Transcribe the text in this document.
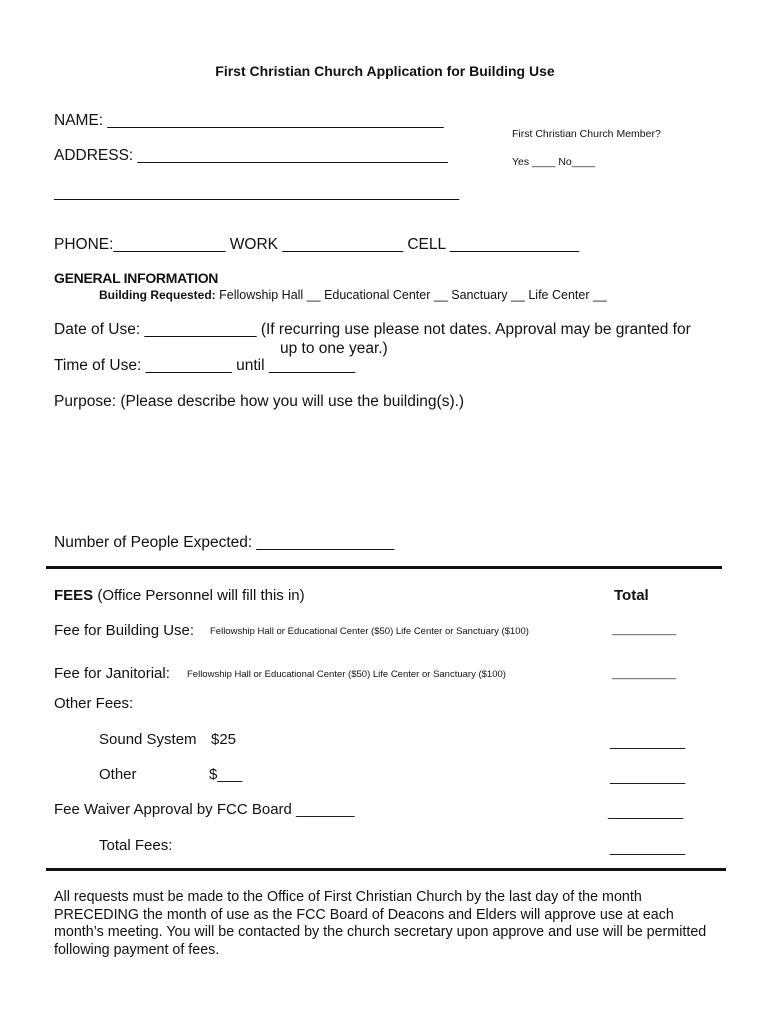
First Christian Church Application for Building Use
NAME: _______________________________________
First Christian Church Member?
ADDRESS: ____________________________________	Yes ____ No____
_______________________________________________
PHONE:_____________ WORK ______________ CELL _______________
GENERAL INFORMATION
Building Requested: Fellowship Hall __ Educational Center __ Sanctuary __ Life Center __
Date of Use: _____________ (If recurring use please not dates. Approval may be granted for
up to one year.)
Time of Use: __________ until __________
Purpose: (Please describe how you will use the building(s).)
Number of People Expected: ________________
FEES (Office Personnel will fill this in)	Total
Fee for Building Use: Fellowship Hall or Educational Center ($50) Life Center or Sanctuary ($100)	___________
Fee for Janitorial: Fellowship Hall or Educational Center ($50) Life Center or Sanctuary ($100)	___________
Other Fees:
Sound System $25	_________
Other	$___	_________
Fee Waiver Approval by FCC Board _______	_________
Total Fees:	_________
All requests must be made to the Office of First Christian Church by the last day of the month PRECEDING the month of use as the FCC Board of Deacons and Elders will approve use at each month’s meeting. You will be contacted by the church secretary upon approve and use will be permitted following payment of fees.
